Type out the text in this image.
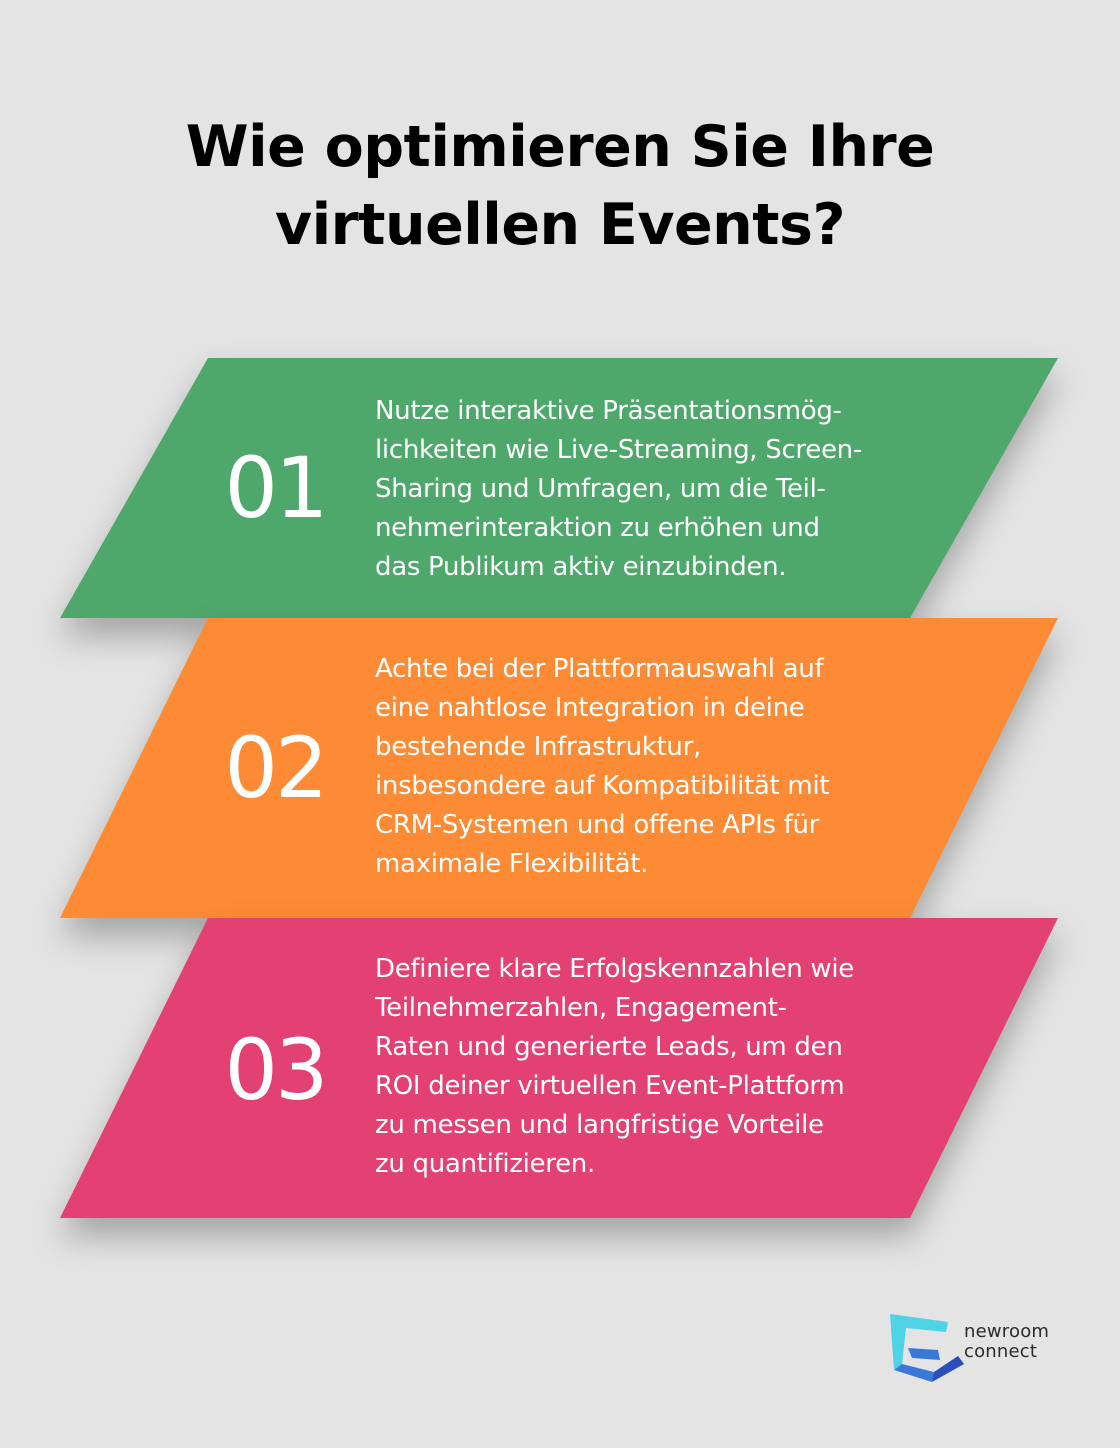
Wie optimieren Sie Ihre
virtuellen Events?
01
Nutze interaktive Präsentationsmög-
lichkeiten wie Live-Streaming, Screen-
Sharing und Umfragen, um die Teil-
nehmerinteraktion zu erhöhen und
das Publikum aktiv einzubinden.
02
Achte bei der Plattformauswahl auf
eine nahtlose Integration in deine
bestehende Infrastruktur,
insbesondere auf Kompatibilität mit
CRM-Systemen und offene APIs für
maximale Flexibilität.
03
Definiere klare Erfolgskennzahlen wie
Teilnehmerzahlen, Engagement-
Raten und generierte Leads, um den
ROI deiner virtuellen Event-Plattform
zu messen und langfristige Vorteile
zu quantifizieren.
newroom
connect
